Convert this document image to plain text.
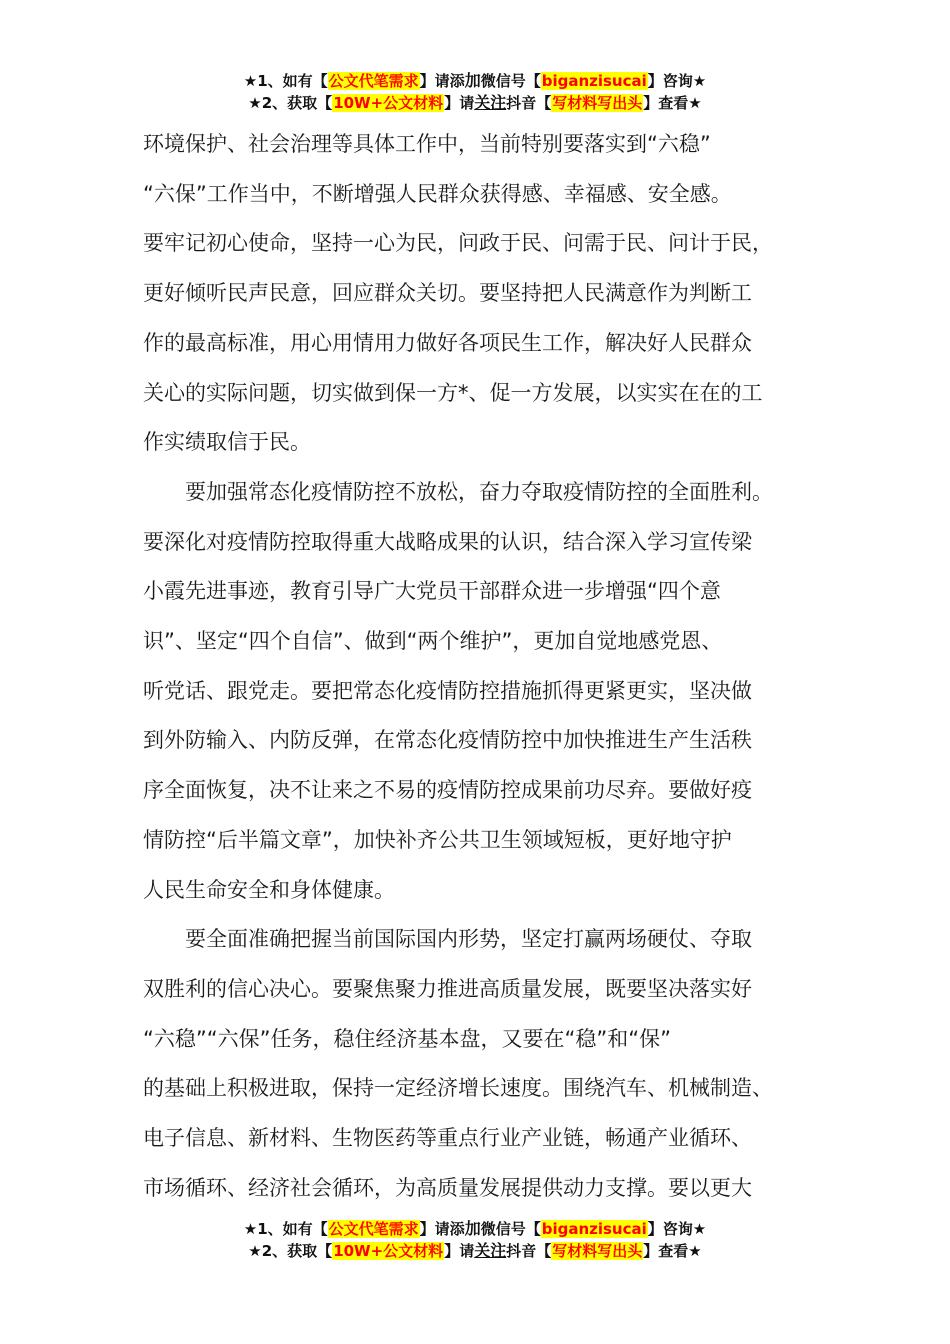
★1、如有【公文代笔需求】请添加微信号【biganzisucai】咨询★
★2、获取【10W+公文材料】请关注抖音【写材料写出头】查看★
环境保护、社会治理等具体工作中，当前特别要落实到“六稳”
“六保”工作当中，不断增强人民群众获得感、幸福感、安全感。
要牢记初心使命，坚持一心为民，问政于民、问需于民、问计于民，
更好倾听民声民意，回应群众关切。要坚持把人民满意作为判断工
作的最高标准，用心用情用力做好各项民生工作，解决好人民群众
关心的实际问题，切实做到保一方*、促一方发展，以实实在在的工
作实绩取信于民。
　　要加强常态化疫情防控不放松，奋力夺取疫情防控的全面胜利。
要深化对疫情防控取得重大战略成果的认识，结合深入学习宣传梁
小霞先进事迹，教育引导广大党员干部群众进一步增强“四个意
识”、坚定“四个自信”、做到“两个维护”，更加自觉地感党恩、
听党话、跟党走。要把常态化疫情防控措施抓得更紧更实，坚决做
到外防输入、内防反弹，在常态化疫情防控中加快推进生产生活秩
序全面恢复，决不让来之不易的疫情防控成果前功尽弃。要做好疫
情防控“后半篇文章”，加快补齐公共卫生领域短板，更好地守护
人民生命安全和身体健康。
　　要全面准确把握当前国际国内形势，坚定打赢两场硬仗、夺取
双胜利的信心决心。要聚焦聚力推进高质量发展，既要坚决落实好
“六稳”“六保”任务，稳住经济基本盘，又要在“稳”和“保”
的基础上积极进取，保持一定经济增长速度。围绕汽车、机械制造、
电子信息、新材料、生物医药等重点行业产业链，畅通产业循环、
市场循环、经济社会循环，为高质量发展提供动力支撑。要以更大
★1、如有【公文代笔需求】请添加微信号【biganzisucai】咨询★
★2、获取【10W+公文材料】请关注抖音【写材料写出头】查看★
